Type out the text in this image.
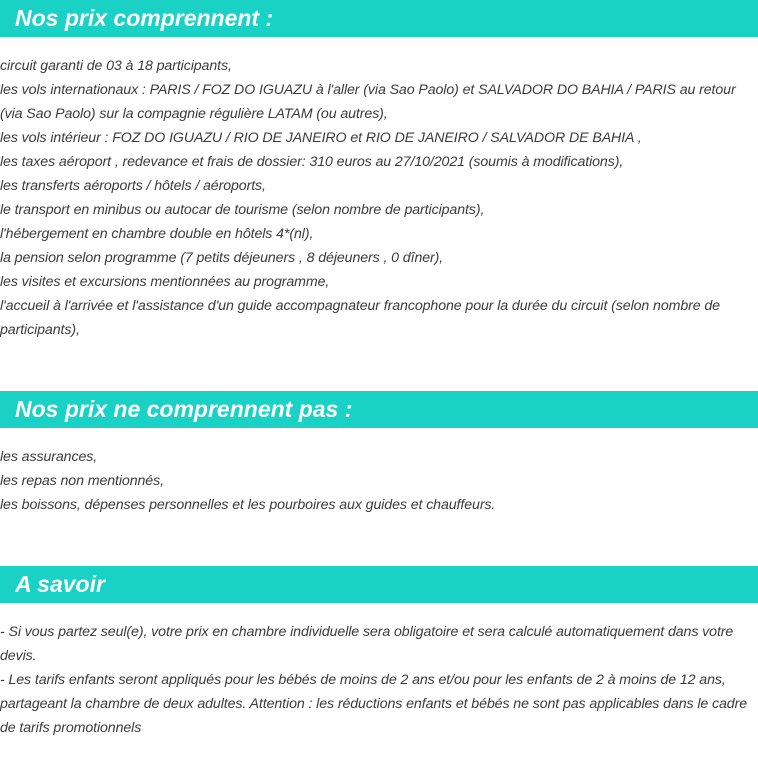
Nos prix comprennent :

circuit garanti de 03 à 18 participants,

les vols internationaux : PARIS / FOZ DO IGUAZU à l'aller (via Sao Paolo) et SALVADOR DO BAHIA / PARIS au retour (via Sao Paolo) sur la compagnie régulière LATAM (ou autres),

les vols intérieur : FOZ DO IGUAZU / RIO DE JANEIRO et RIO DE JANEIRO / SALVADOR DE BAHIA ,

les taxes aéroport , redevance et frais de dossier: 310 euros au 27/10/2021 (soumis à modifications),

les transferts aéroports / hôtels / aéroports,

le transport en minibus ou autocar de tourisme (selon nombre de participants),

l'hébergement en chambre double en hôtels 4*(nl),

la pension selon programme (7 petits déjeuners , 8 déjeuners , 0 dîner),

les visites et excursions mentionnées au programme,

l'accueil à l'arrivée et l'assistance d'un guide accompagnateur francophone pour la durée du circuit (selon nombre de participants),

Nos prix ne comprennent pas :

les assurances,

les repas non mentionnés,

les boissons, dépenses personnelles et les pourboires aux guides et chauffeurs.

A savoir

- Si vous partez seul(e), votre prix en chambre individuelle sera obligatoire et sera calculé automatiquement dans votre devis.

- Les tarifs enfants seront appliqués pour les bébés de moins de 2 ans et/ou pour les enfants de 2 à moins de 12 ans, partageant la chambre de deux adultes. Attention : les réductions enfants et bébés ne sont pas applicables dans le cadre de tarifs promotionnels
